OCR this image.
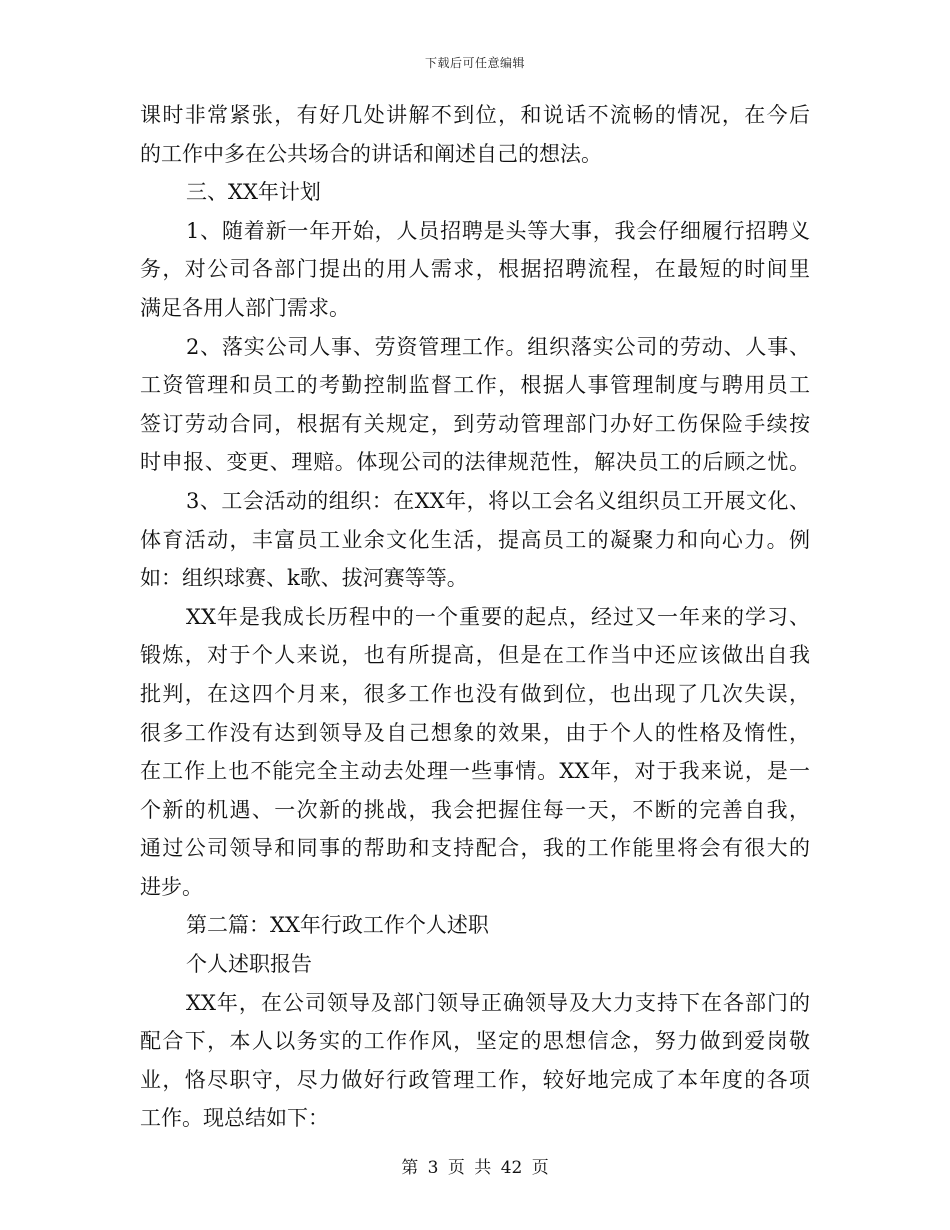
下载后可任意编辑
课时非常紧张，有好几处讲解不到位，和说话不流畅的情况，在今后
的工作中多在公共场合的讲话和阐述自己的想法。
三、XX年计划
1、随着新一年开始，人员招聘是头等大事，我会仔细履行招聘义
务，对公司各部门提出的用人需求，根据招聘流程，在最短的时间里
满足各用人部门需求。
2、落实公司人事、劳资管理工作。组织落实公司的劳动、人事、
工资管理和员工的考勤控制监督工作，根据人事管理制度与聘用员工
签订劳动合同，根据有关规定，到劳动管理部门办好工伤保险手续按
时申报、变更、理赔。体现公司的法律规范性，解决员工的后顾之忧。
3、工会活动的组织：在XX年，将以工会名义组织员工开展文化、
体育活动，丰富员工业余文化生活，提高员工的凝聚力和向心力。例
如：组织球赛、k歌、拔河赛等等。
XX年是我成长历程中的一个重要的起点，经过又一年来的学习、
锻炼，对于个人来说，也有所提高，但是在工作当中还应该做出自我
批判，在这四个月来，很多工作也没有做到位，也出现了几次失误，
很多工作没有达到领导及自己想象的效果，由于个人的性格及惰性，
在工作上也不能完全主动去处理一些事情。XX年，对于我来说，是一
个新的机遇、一次新的挑战，我会把握住每一天，不断的完善自我，
通过公司领导和同事的帮助和支持配合，我的工作能里将会有很大的
进步。
第二篇：XX年行政工作个人述职
个人述职报告
XX年，在公司领导及部门领导正确领导及大力支持下在各部门的
配合下，本人以务实的工作作风，坚定的思想信念，努力做到爱岗敬
业，恪尽职守，尽力做好行政管理工作，较好地完成了本年度的各项
工作。现总结如下：
第 3 页 共 42 页
